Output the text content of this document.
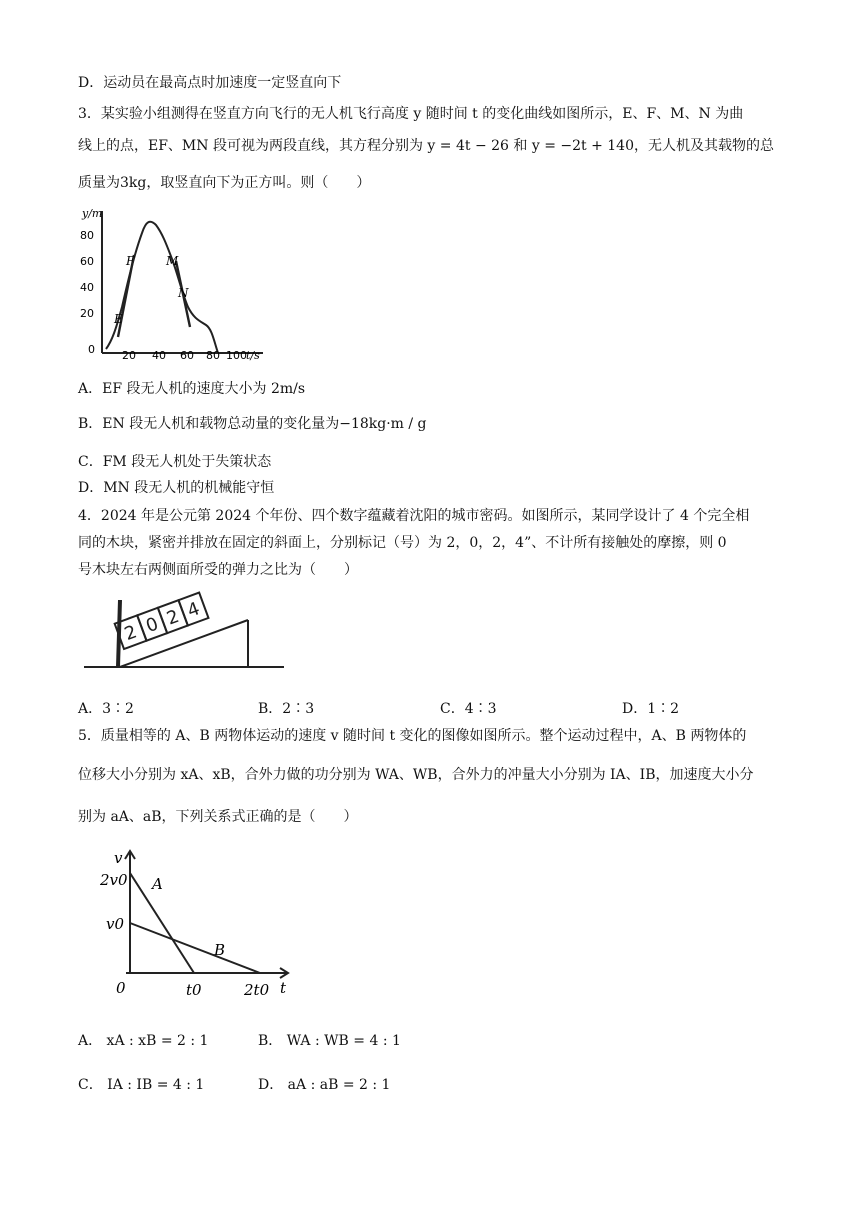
D．运动员在最高点时加速度一定竖直向下
3．某实验小组测得在竖直方向飞行的无人机飞行高度 y 随时间 t 的变化曲线如图所示，E、F、M、N 为曲
线上的点，EF、MN 段可视为两段直线，其方程分别为 y = 4t − 26 和 y = −2t + 140，无人机及其载物的总
质量为3kg，取竖直向下为正方叫。则（　　）
y/m
t/s
80
60
40
20
0 20 40 60 80 100
E
F	M
N
A．EF 段无人机的速度大小为 2m/s
B．EN 段无人机和载物总动量的变化量为−18kg·m / g
C．FM 段无人机处于失策状态
D．MN 段无人机的机械能守恒
4．2024 年是公元第 2024 个年份、四个数字蕴藏着沈阳的城市密码。如图所示，某同学设计了 4 个完全相
同的木块，紧密并排放在固定的斜面上，分别标记（号）为 2，0，2，4”、不计所有接触处的摩擦，则 0
号木块左右两侧面所受的弹力之比为（　　）
2 0 2 4
A．3∶2	B．2∶3	C．4∶3	D．1∶2
5．质量相等的 A、B 两物体运动的速度 v 随时间 t 变化的图像如图所示。整个运动过程中，A、B 两物体的
位移大小分别为 xA、xB，合外力做的功分别为 WA、WB，合外力的冲量大小分别为 IA、IB，加速度大小分
别为 aA、aB，下列关系式正确的是（　　）
v
t
2v0
v0
0	t0	2t0
A
B
A． xA : xB = 2 : 1	B． WA : WB = 4 : 1
C． IA : IB = 4 : 1	D． aA : aB = 2 : 1
